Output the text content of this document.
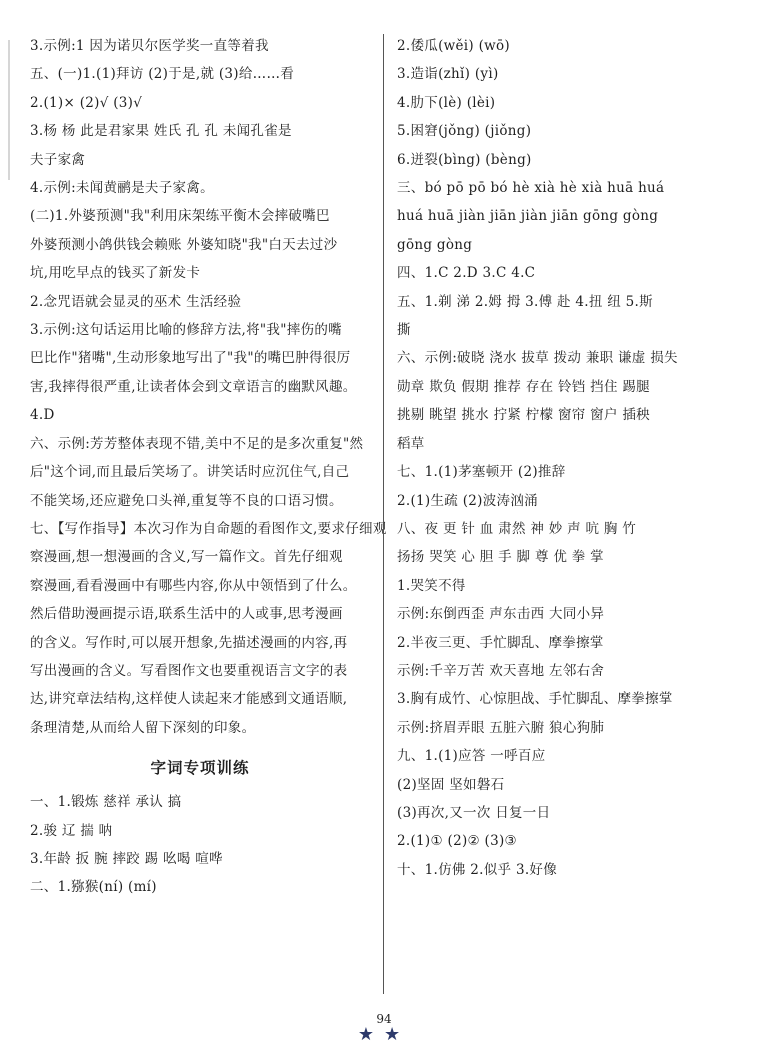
3.示例:1 因为诺贝尔医学奖一直等着我
五、(一)1.(1)拜访 (2)于是,就 (3)给……看
2.(1)× (2)√ (3)√
3.杨 杨 此是君家果 姓氏 孔 孔 未闻孔雀是
夫子家禽
4.示例:未闻黄鹂是夫子家禽。
(二)1.外婆预测"我"利用床架练平衡木会摔破嘴巴
外婆预测小鸽供钱会赖账 外婆知晓"我"白天去过沙
坑,用吃早点的钱买了新发卡
2.念咒语就会显灵的巫术 生活经验
3.示例:这句话运用比喻的修辞方法,将"我"摔伤的嘴
巴比作"猪嘴",生动形象地写出了"我"的嘴巴肿得很厉
害,我摔得很严重,让读者体会到文章语言的幽默风趣。
4.D
六、示例:芳芳整体表现不错,美中不足的是多次重复"然
后"这个词,而且最后笑场了。讲笑话时应沉住气,自己
不能笑场,还应避免口头禅,重复等不良的口语习惯。
七、【写作指导】本次习作为自命题的看图作文,要求仔细观
察漫画,想一想漫画的含义,写一篇作文。首先仔细观
察漫画,看看漫画中有哪些内容,你从中领悟到了什么。
然后借助漫画提示语,联系生活中的人或事,思考漫画
的含义。写作时,可以展开想象,先描述漫画的内容,再
写出漫画的含义。写看图作文也要重视语言文字的表
达,讲究章法结构,这样使人读起来才能感到文通语顺,
条理清楚,从而给人留下深刻的印象。
字词专项训练
一、1.锻炼 慈祥 承认 搞
2.骏 辽 揣 呐
3.年龄 扳 腕 摔跤 踢 吆喝 喧哗
二、1.猕猴(ní) (mí)
2.倭瓜(wěi) (wō)
3.造诣(zhǐ) (yì)
4.肋下(lè) (lèi)
5.困窘(jǒng) (jiǒng)
6.迸裂(bìng) (bèng)
三、bó pō pō bó hè xià hè xià huā huá
huá huā jiàn jiān jiàn jiān gōng gòng
gōng gòng
四、1.C 2.D 3.C 4.C
五、1.剃 涕 2.姆 拇 3.傅 赴 4.扭 纽 5.斯
撕
六、示例:破晓 浇水 拔草 拨动 兼职 谦虚 损失
勋章 欺负 假期 推荐 存在 铃铛 挡住 踢腿
挑剔 眺望 挑水 拧紧 柠檬 窗帘 窗户 插秧
稻草
七、1.(1)茅塞顿开 (2)推辞
2.(1)生疏 (2)波涛汹涌
八、夜 更 针 血 肃然 神 妙 声 吭 胸 竹
扬扬 哭笑 心 胆 手 脚 尊 优 拳 掌
1.哭笑不得
示例:东倒西歪 声东击西 大同小异
2.半夜三更、手忙脚乱、摩拳擦掌
示例:千辛万苦 欢天喜地 左邻右舍
3.胸有成竹、心惊胆战、手忙脚乱、摩拳擦掌
示例:挤眉弄眼 五脏六腑 狼心狗肺
九、1.(1)应答 一呼百应
(2)坚固 坚如磐石
(3)再次,又一次 日复一日
2.(1)① (2)② (3)③
十、1.仿佛 2.似乎 3.好像
94
★★
